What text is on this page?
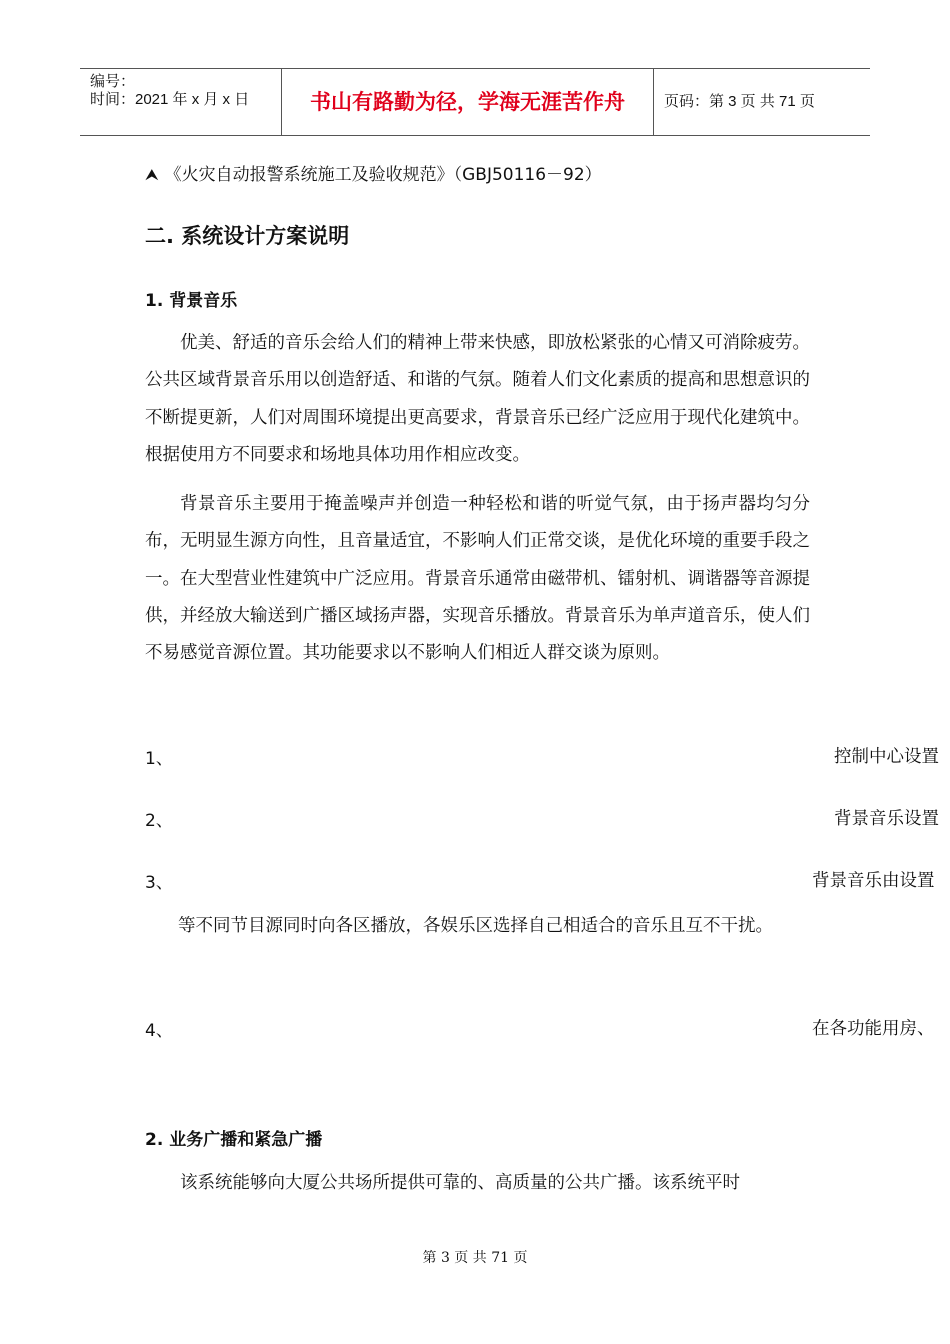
编号：
时间：2021 年 x 月 x 日	书山有路勤为径，学海无涯苦作舟	页码：第 3 页 共 71 页
⮝ 《火灾自动报警系统施工及验收规范》（GBJ50116－92）
二. 系统设计方案说明
1. 背景音乐
优美、舒适的音乐会给人们的精神上带来快感，即放松紧张的心情又可消除疲劳。公共区域背景音乐用以创造舒适、和谐的气氛。随着人们文化素质的提高和思想意识的不断提更新，人们对周围环境提出更高要求，背景音乐已经广泛应用于现代化建筑中。根据使用方不同要求和场地具体功用作相应改变。
背景音乐主要用于掩盖噪声并创造一种轻松和谐的听觉气氛，由于扬声器均匀分布，无明显生源方向性，且音量适宜，不影响人们正常交谈，是优化环境的重要手段之一。在大型营业性建筑中广泛应用。背景音乐通常由磁带机、镭射机、调谐器等音源提供，并经放大输送到广播区域扬声器，实现音乐播放。背景音乐为单声道音乐，使人们不易感觉音源位置。其功能要求以不影响人们相近人群交谈为原则。
1、	控制中心设置
2、	背景音乐设置
3、	背景音乐由设置
等不同节目源同时向各区播放，各娱乐区选择自己相适合的音乐且互不干扰。
4、	在各功能用房、
2. 业务广播和紧急广播
该系统能够向大厦公共场所提供可靠的、高质量的公共广播。该系统平时
第 3 页 共 71 页
